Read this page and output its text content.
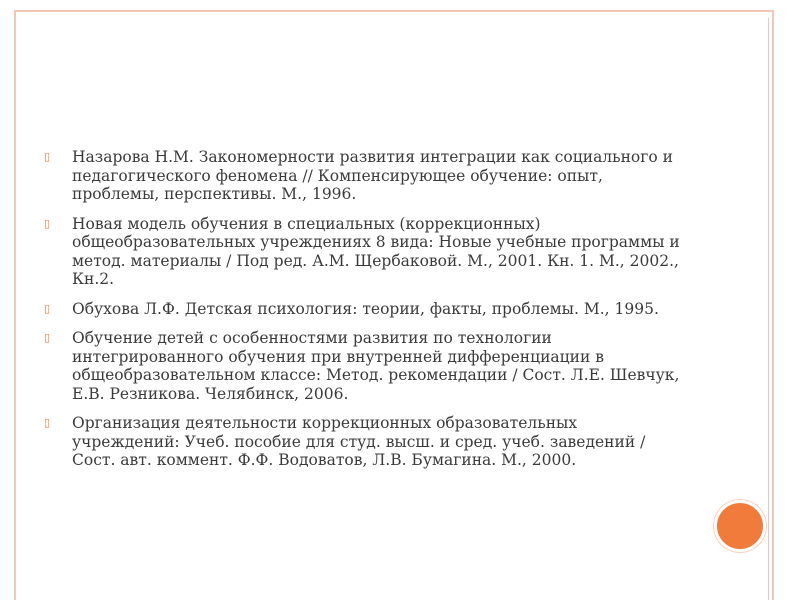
▯ Назарова Н.М. Закономерности развития интеграции как социального и педагогического феномена // Компенсирующее обучение: опыт, проблемы, перспективы. М., 1996.
▯ Новая модель обучения в специальных (коррекционных) общеобразовательных учреждениях 8 вида: Новые учебные программы и метод. материалы / Под ред. А.М. Щербаковой. М., 2001. Кн. 1. М., 2002., Кн.2.
▯ Обухова Л.Ф. Детская психология: теории, факты, проблемы. М., 1995.
▯ Обучение детей с особенностями развития по технологии интегрированного обучения при внутренней дифференциации в общеобразовательном классе: Метод. рекомендации / Сост. Л.Е. Шевчук, Е.В. Резникова. Челябинск, 2006.
▯ Организация деятельности коррекционных образовательных учреждений: Учеб. пособие для студ. высш. и сред. учеб. заведений / Сост. авт. коммент. Ф.Ф. Водоватов, Л.В. Бумагина. М., 2000.
